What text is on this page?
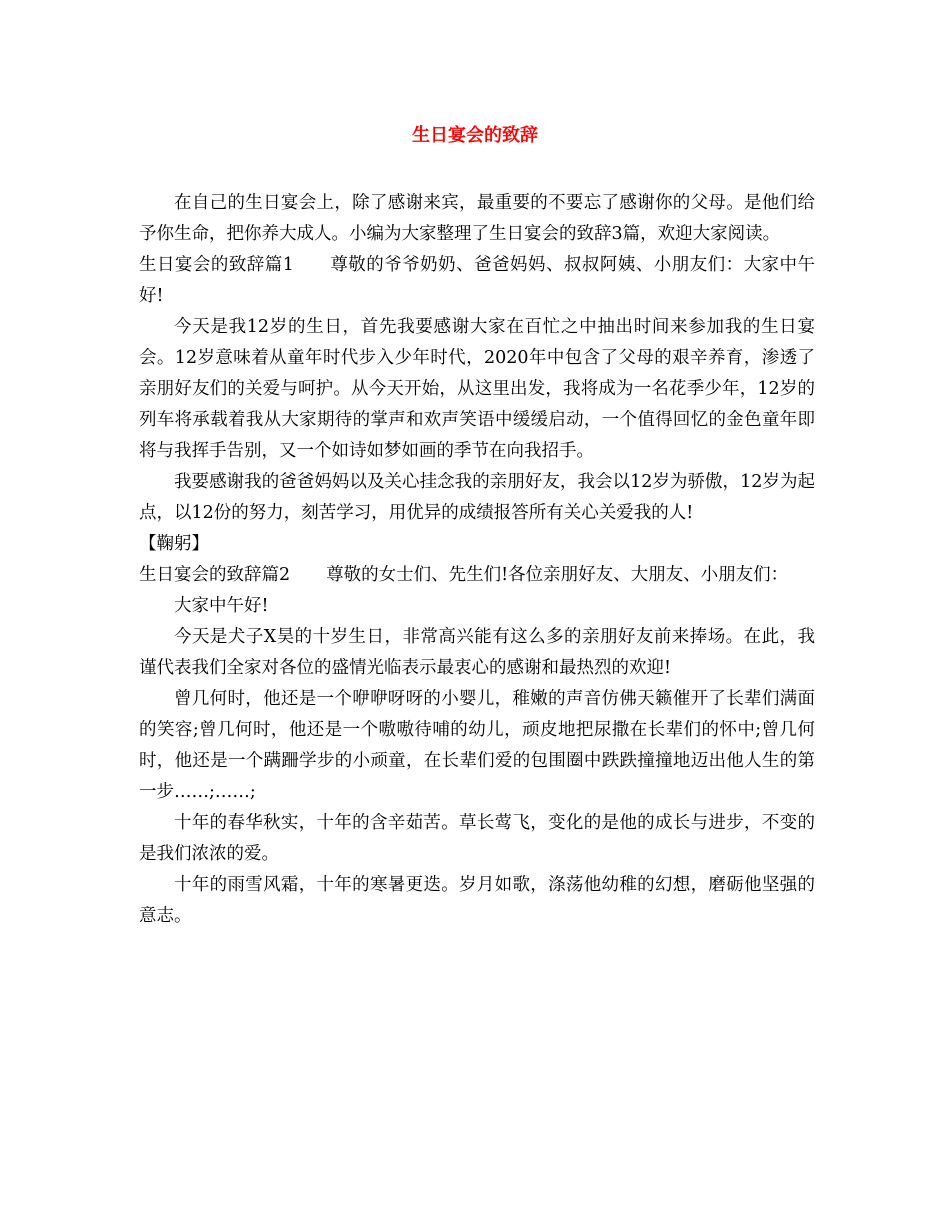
生日宴会的致辞

在自己的生日宴会上，除了感谢来宾，最重要的不要忘了感谢你的父母。是他们给予你生命，把你养大成人。小编为大家整理了生日宴会的致辞3篇，欢迎大家阅读。

生日宴会的致辞篇1 尊敬的爷爷奶奶、爸爸妈妈、叔叔阿姨、小朋友们：大家中午好!

今天是我12岁的生日，首先我要感谢大家在百忙之中抽出时间来参加我的生日宴会。12岁意味着从童年时代步入少年时代，2020年中包含了父母的艰辛养育，渗透了亲朋好友们的关爱与呵护。从今天开始，从这里出发，我将成为一名花季少年，12岁的列车将承载着我从大家期待的掌声和欢声笑语中缓缓启动，一个值得回忆的金色童年即将与我挥手告别，又一个如诗如梦如画的季节在向我招手。

我要感谢我的爸爸妈妈以及关心挂念我的亲朋好友，我会以12岁为骄傲，12岁为起点，以12份的努力，刻苦学习，用优异的成绩报答所有关心关爱我的人!

【鞠躬】

生日宴会的致辞篇2 尊敬的女士们、先生们!各位亲朋好友、大朋友、小朋友们：

大家中午好!

今天是犬子X昊的十岁生日，非常高兴能有这么多的亲朋好友前来捧场。在此，我谨代表我们全家对各位的盛情光临表示最衷心的感谢和最热烈的欢迎!

曾几何时，他还是一个咿咿呀呀的小婴儿，稚嫩的声音仿佛天籁催开了长辈们满面的笑容;曾几何时，他还是一个嗷嗷待哺的幼儿，顽皮地把尿撒在长辈们的怀中;曾几何时，他还是一个蹒跚学步的小顽童，在长辈们爱的包围圈中跌跌撞撞地迈出他人生的第一步……;……;

十年的春华秋实，十年的含辛茹苦。草长莺飞，变化的是他的成长与进步，不变的是我们浓浓的爱。

十年的雨雪风霜，十年的寒暑更迭。岁月如歌，涤荡他幼稚的幻想，磨砺他坚强的意志。
